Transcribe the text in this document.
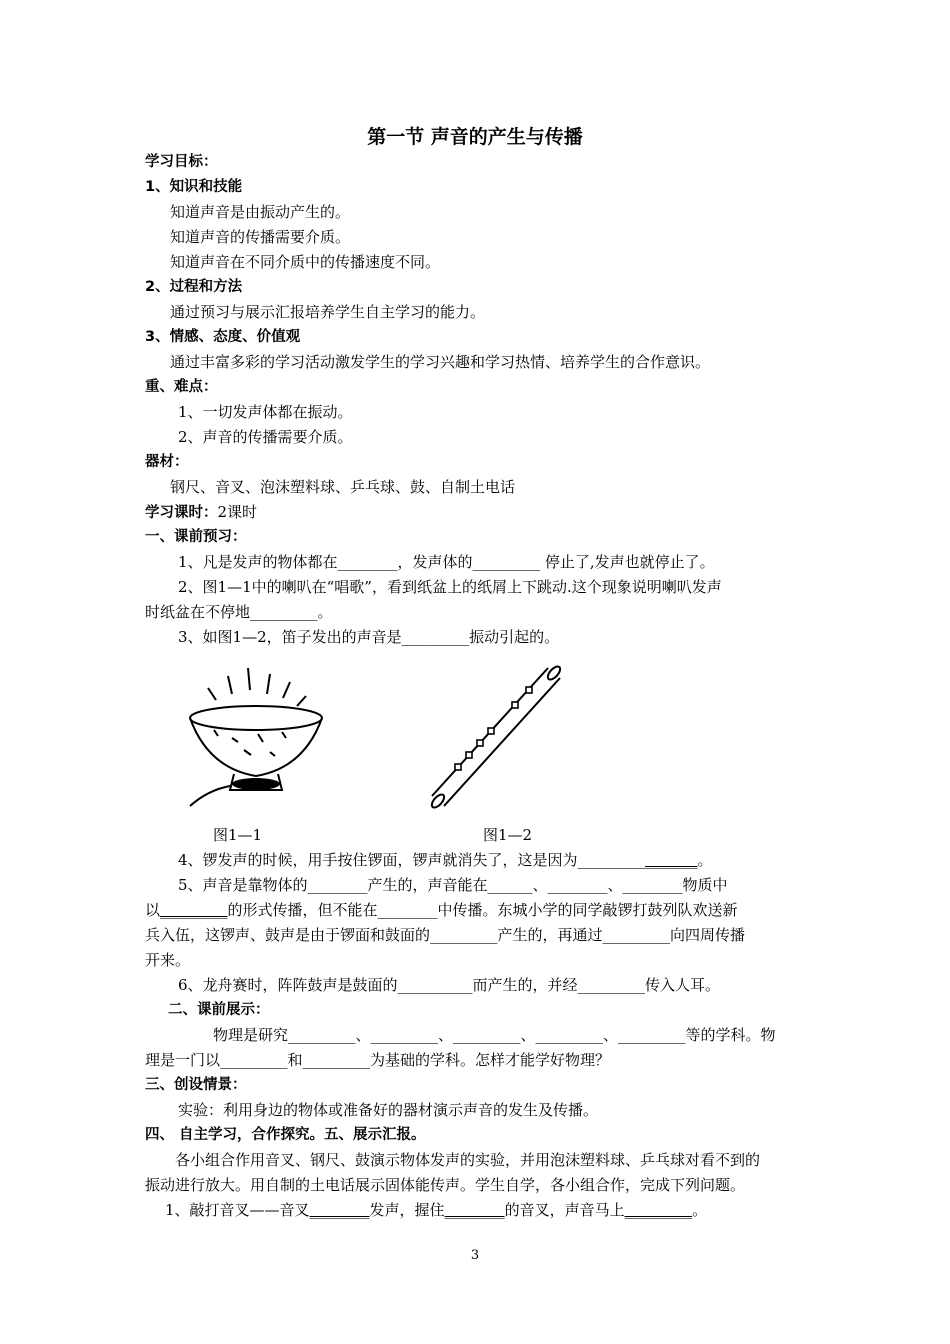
第一节 声音的产生与传播
学习目标：
1、知识和技能
知道声音是由振动产生的。
知道声音的传播需要介质。
知道声音在不同介质中的传播速度不同。
2、过程和方法
通过预习与展示汇报培养学生自主学习的能力。
3、情感、态度、价值观
通过丰富多彩的学习活动激发学生的学习兴趣和学习热情、培养学生的合作意识。
重、难点：
1、一切发声体都在振动。
2、声音的传播需要介质。
器材：
钢尺、音叉、泡沫塑料球、乒乓球、鼓、自制土电话
学习课时：2课时
一、课前预习：
1、凡是发声的物体都在________，发声体的_________ 停止了,发声也就停止了。
2、图1—1中的喇叭在“唱歌”，看到纸盆上的纸屑上下跳动.这个现象说明喇叭发声
时纸盆在不停地_________。
3、如图1—2，笛子发出的声音是_________振动引起的。
图1—1	图1—2
4、锣发声的时候，用手按住锣面，锣声就消失了，这是因为________________。
5、声音是靠物体的________产生的，声音能在______、________、________物质中
以_________的形式传播，但不能在________中传播。东城小学的同学敲锣打鼓列队欢送新
兵入伍，这锣声、鼓声是由于锣面和鼓面的_________产生的，再通过_________向四周传播
开来。
6、龙舟赛时，阵阵鼓声是鼓面的__________而产生的，并经_________传入人耳。
二、课前展示：
物理是研究_________、_________、_________、_________、_________等的学科。物
理是一门以_________和_________为基础的学科。怎样才能学好物理？
三、创设情景：
实验：利用身边的物体或准备好的器材演示声音的发生及传播。
四、 自主学习，合作探究。五、展示汇报。
各小组合作用音叉、钢尺、鼓演示物体发声的实验，并用泡沫塑料球、乒乓球对看不到的
振动进行放大。用自制的土电话展示固体能传声。学生自学，各小组合作，完成下列问题。
1、敲打音叉——音叉________发声，握住________的音叉，声音马上_________。
3
